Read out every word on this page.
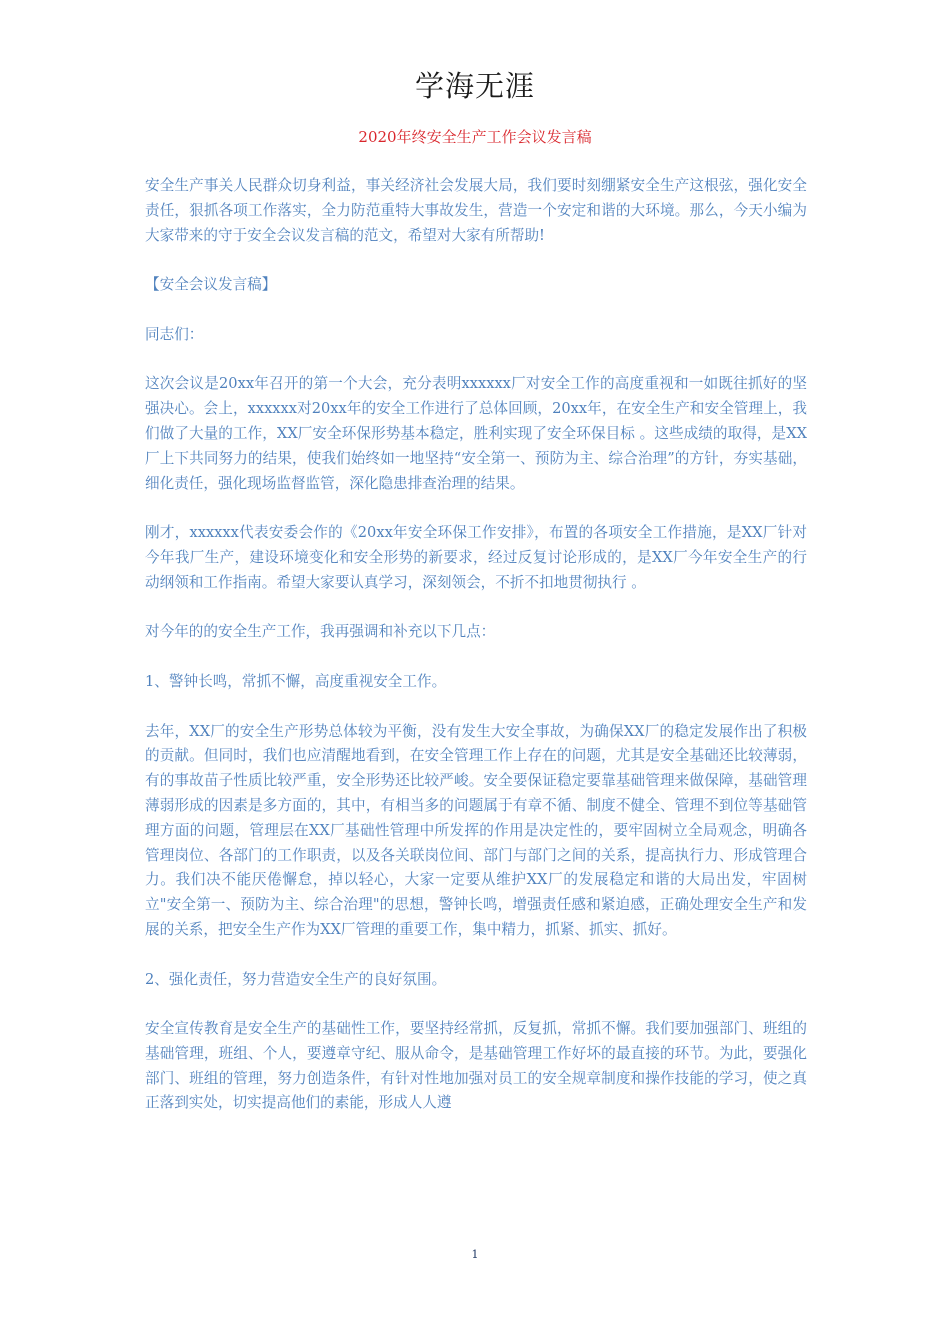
学海无涯
2020年终安全生产工作会议发言稿

安全生产事关人民群众切身利益，事关经济社会发展大局，我们要时刻绷紧安全生产这根弦，强化安全责任，狠抓各项工作落实，全力防范重特大事故发生，营造一个安定和谐的大环境。那么，今天小编为大家带来的守于安全会议发言稿的范文，希望对大家有所帮助!

【安全会议发言稿】

同志们：

这次会议是20xx年召开的第一个大会，充分表明xxxxxx厂对安全工作的高度重视和一如既往抓好的坚强决心。会上，xxxxxx对20xx年的安全工作进行了总体回顾，20xx年，在安全生产和安全管理上，我们做了大量的工作，XX厂安全环保形势基本稳定，胜利实现了安全环保目标 。这些成绩的取得，是XX厂上下共同努力的结果，使我们始终如一地坚持“安全第一、预防为主、综合治理”的方针，夯实基础，细化责任，强化现场监督监管，深化隐患排查治理的结果。

刚才，xxxxxx代表安委会作的《20xx年安全环保工作安排》，布置的各项安全工作措施，是XX厂针对今年我厂生产，建设环境变化和安全形势的新要求，经过反复讨论形成的，是XX厂今年安全生产的行动纲领和工作指南。希望大家要认真学习，深刻领会，不折不扣地贯彻执行 。

对今年的的安全生产工作，我再强调和补充以下几点：

1、警钟长鸣，常抓不懈，高度重视安全工作。

去年，XX厂的安全生产形势总体较为平衡，没有发生大安全事故，为确保XX厂的稳定发展作出了积极的贡献。但同时，我们也应清醒地看到，在安全管理工作上存在的问题，尤其是安全基础还比较薄弱，有的事故苗子性质比较严重，安全形势还比较严峻。安全要保证稳定要靠基础管理来做保障，基础管理薄弱形成的因素是多方面的，其中，有相当多的问题属于有章不循、制度不健全、管理不到位等基础管理方面的问题，管理层在XX厂基础性管理中所发挥的作用是决定性的，要牢固树立全局观念，明确各管理岗位、各部门的工作职责，以及各关联岗位间、部门与部门之间的关系，提高执行力、形成管理合力。我们决不能厌倦懈怠，掉以轻心，大家一定要从维护XX厂的发展稳定和谐的大局出发，牢固树立"安全第一、预防为主、综合治理"的思想，警钟长鸣，增强责任感和紧迫感，正确处理安全生产和发展的关系，把安全生产作为XX厂管理的重要工作，集中精力，抓紧、抓实、抓好。

2、强化责任，努力营造安全生产的良好氛围。

安全宣传教育是安全生产的基础性工作，要坚持经常抓，反复抓，常抓不懈。我们要加强部门、班组的基础管理，班组、个人，要遵章守纪、服从命令，是基础管理工作好坏的最直接的环节。为此，要强化部门、班组的管理，努力创造条件，有针对性地加强对员工的安全规章制度和操作技能的学习，使之真正落到实处，切实提高他们的素能，形成人人遵

1
